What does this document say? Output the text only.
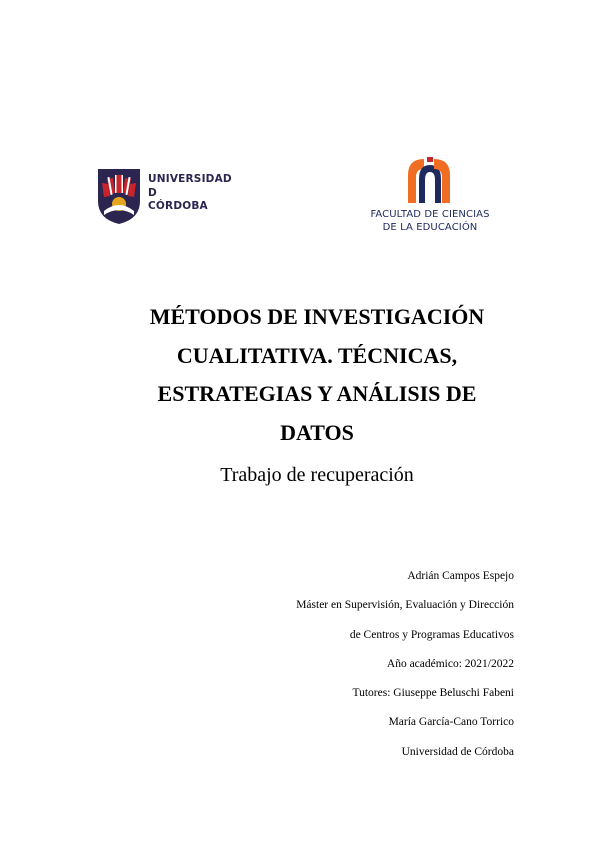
UNIVERSIDAD
D
CÓRDOBA
FACULTAD DE CIENCIAS
DE LA EDUCACIÓN
MÉTODOS DE INVESTIGACIÓN
CUALITATIVA. TÉCNICAS,
ESTRATEGIAS Y ANÁLISIS DE
DATOS
Trabajo de recuperación
Adrián Campos Espejo
Máster en Supervisión, Evaluación y Dirección
de Centros y Programas Educativos
Año académico: 2021/2022
Tutores: Giuseppe Beluschi Fabeni
María García-Cano Torrico
Universidad de Córdoba
